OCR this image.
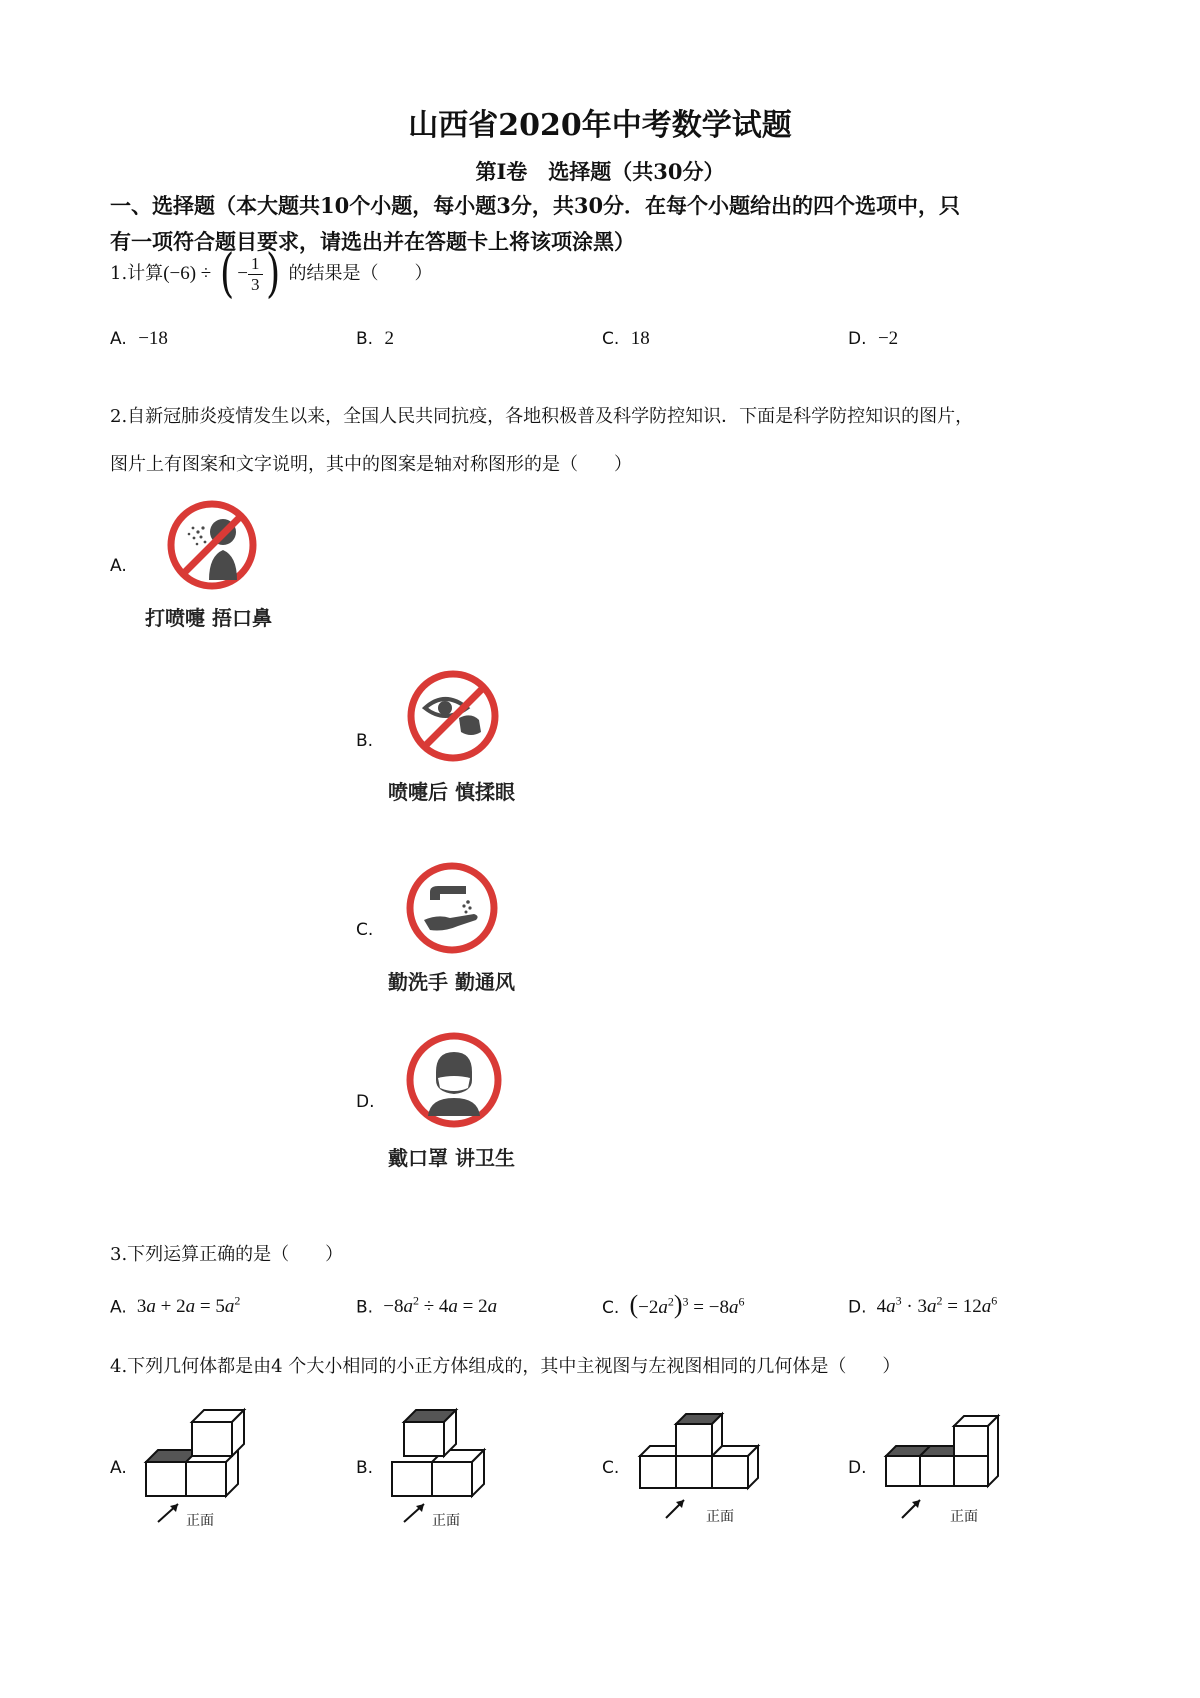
山西省2020年中考数学试题
第Ⅰ卷　选择题（共30分）
一、选择题（本大题共10个小题，每小题3分，共30分．在每个小题给出的四个选项中，只
有一项符合题目要求，请选出并在答题卡上将该项涂黑）
1.计算(−6) ÷ ( − $\frac{1}{3}$ ) 的结果是（　　）
A. −18	B. 2	C. 18	D. −2
2.自新冠肺炎疫情发生以来，全国人民共同抗疫，各地积极普及科学防控知识．下面是科学防控知识的图片，
图片上有图案和文字说明，其中的图案是轴对称图形的是（　　）
A.
打喷嚏 捂口鼻
B.
喷嚏后 慎揉眼
C.
勤洗手 勤通风
D.
戴口罩 讲卫生
3.下列运算正确的是（　　）
A. $3a + 2a = 5a^2$	B. $-8a^2 \div 4a = 2a$	C. $(-2a^2)^3 = -8a^6$	D. $4a^3 \cdot 3a^2 = 12a^6$
4.下列几何体都是由4 个大小相同的小正方体组成的，其中主视图与左视图相同的几何体是（　　）
A.
正面
B.
正面
C.
正面
D.
正面
